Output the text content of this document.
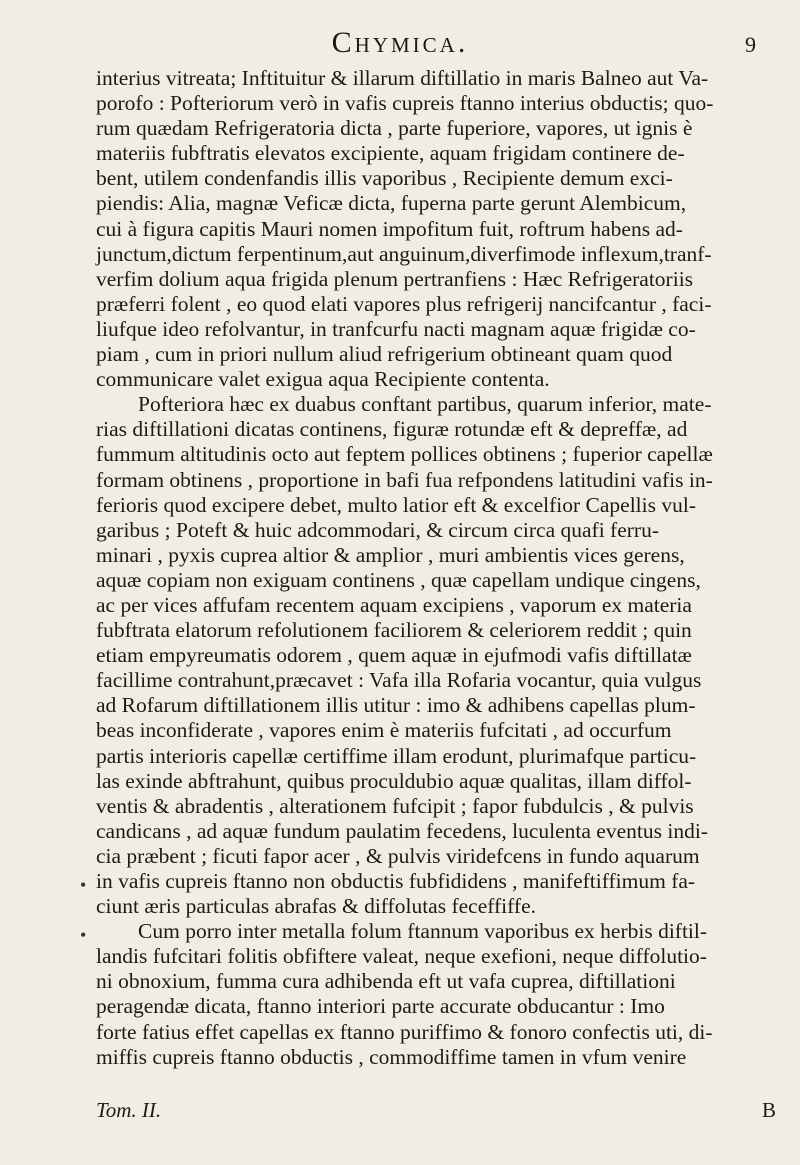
Chymica.	9
interius vitreata; Inftituitur & illarum diftillatio in maris Balneo aut Va-
porofo : Pofteriorum verò in vafis cupreis ftanno interius obductis; quo-
rum quædam Refrigeratoria dicta , parte fuperiore, vapores, ut ignis è
materiis fubftratis elevatos excipiente, aquam frigidam continere de-
bent, utilem condenfandis illis vaporibus , Recipiente demum exci-
piendis: Alia, magnæ Veficæ dicta, fuperna parte gerunt Alembicum,
cui à figura capitis Mauri nomen impofitum fuit, roftrum habens ad-
junctum,dictum ferpentinum,aut anguinum,diverfimode inflexum,tranf-
verfim dolium aqua frigida plenum pertranfiens : Hæc Refrigeratoriis
præferri folent , eo quod elati vapores plus refrigerij nancifcantur , faci-
liufque ideo refolvantur, in tranfcurfu nacti magnam aquæ frigidæ co-
piam , cum in priori nullum aliud refrigerium obtineant quam quod
communicare valet exigua aqua Recipiente contenta.
Pofteriora hæc ex duabus conftant partibus, quarum inferior, mate-
rias diftillationi dicatas continens, figuræ rotundæ eft & depreffæ, ad
fummum altitudinis octo aut feptem pollices obtinens ; fuperior capellæ
formam obtinens , proportione in bafi fua refpondens latitudini vafis in-
ferioris quod excipere debet, multo latior eft & excelfior Capellis vul-
garibus ; Poteft & huic adcommodari, & circum circa quafi ferru-
minari , pyxis cuprea altior & amplior , muri ambientis vices gerens,
aquæ copiam non exiguam continens , quæ capellam undique cingens,
ac per vices affufam recentem aquam excipiens , vaporum ex materia
fubftrata elatorum refolutionem faciliorem & celeriorem reddit ; quin
etiam empyreumatis odorem , quem aquæ in ejufmodi vafis diftillatæ
facillime contrahunt,præcavet : Vafa illa Rofaria vocantur, quia vulgus
ad Rofarum diftillationem illis utitur : imo & adhibens capellas plum-
beas inconfiderate , vapores enim è materiis fufcitati , ad occurfum
partis interioris capellæ certiffime illam erodunt, plurimafque particu-
las exinde abftrahunt, quibus proculdubio aquæ qualitas, illam diffol-
ventis & abradentis , alterationem fufcipit ; fapor fubdulcis , & pulvis
candicans , ad aquæ fundum paulatim fecedens, luculenta eventus indi-
cia præbent ; ficuti fapor acer , & pulvis viridefcens in fundo aquarum
in vafis cupreis ftanno non obductis fubfididens , manifeftiffimum fa-
ciunt æris particulas abrafas & diffolutas feceffiffe.
Cum porro inter metalla folum ftannum vaporibus ex herbis diftil-
landis fufcitari folitis obfiftere valeat, neque exefioni, neque diffolutio-
ni obnoxium, fumma cura adhibenda eft ut vafa cuprea, diftillationi
peragendæ dicata, ftanno interiori parte accurate obducantur : Imo
forte fatius effet capellas ex ftanno puriffimo & fonoro confectis uti, di-
miffis cupreis ftanno obductis , commodiffime tamen in vfum venire
•
•
Tom. II.	B
